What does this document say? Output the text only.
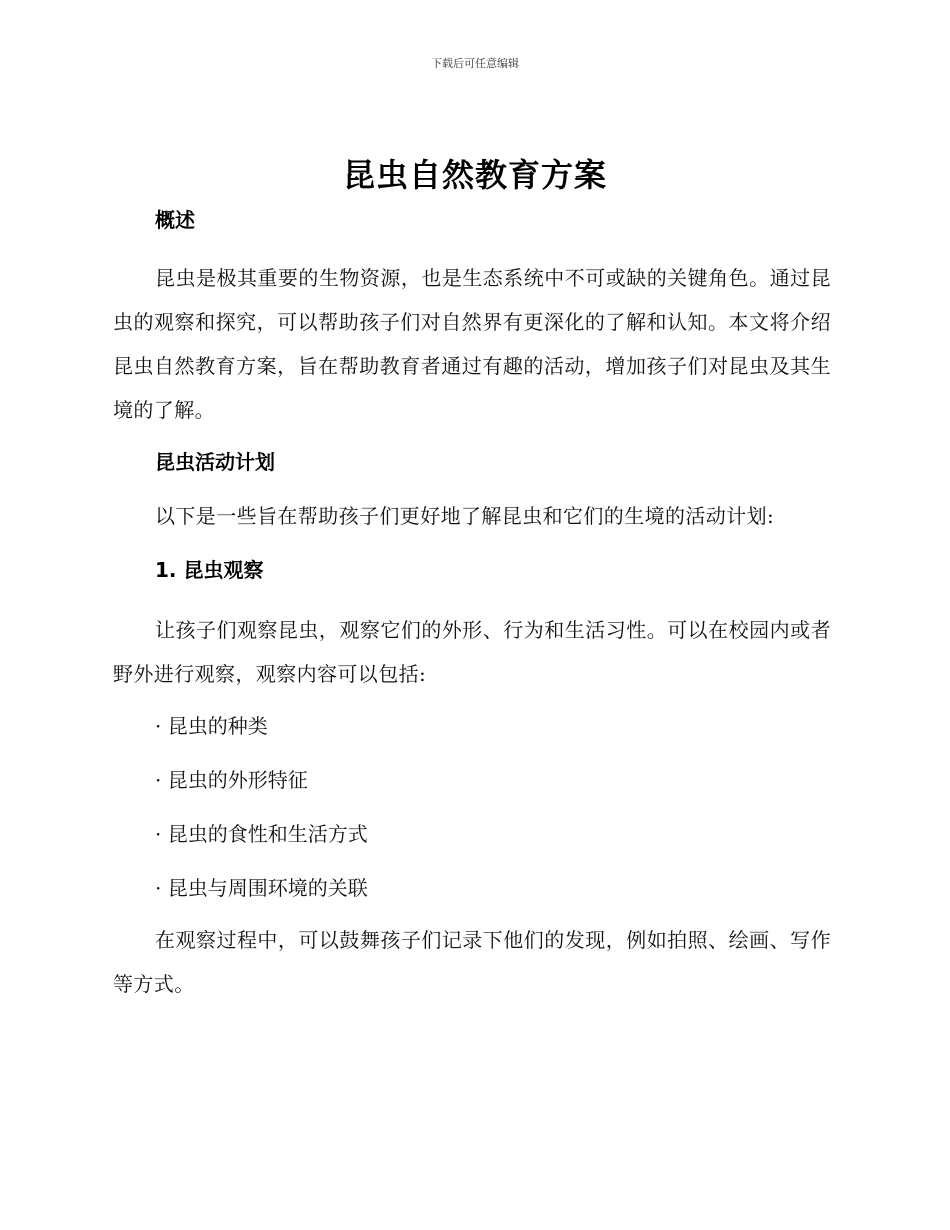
下载后可任意编辑
昆虫自然教育方案

概述

昆虫是极其重要的生物资源，也是生态系统中不可或缺的关键角色。通过昆虫的观察和探究，可以帮助孩子们对自然界有更深化的了解和认知。本文将介绍昆虫自然教育方案，旨在帮助教育者通过有趣的活动，增加孩子们对昆虫及其生境的了解。

昆虫活动计划

以下是一些旨在帮助孩子们更好地了解昆虫和它们的生境的活动计划:

1. 昆虫观察

让孩子们观察昆虫，观察它们的外形、行为和生活习性。可以在校园内或者野外进行观察，观察内容可以包括:

· 昆虫的种类

· 昆虫的外形特征

· 昆虫的食性和生活方式

· 昆虫与周围环境的关联

在观察过程中，可以鼓舞孩子们记录下他们的发现，例如拍照、绘画、写作等方式。
